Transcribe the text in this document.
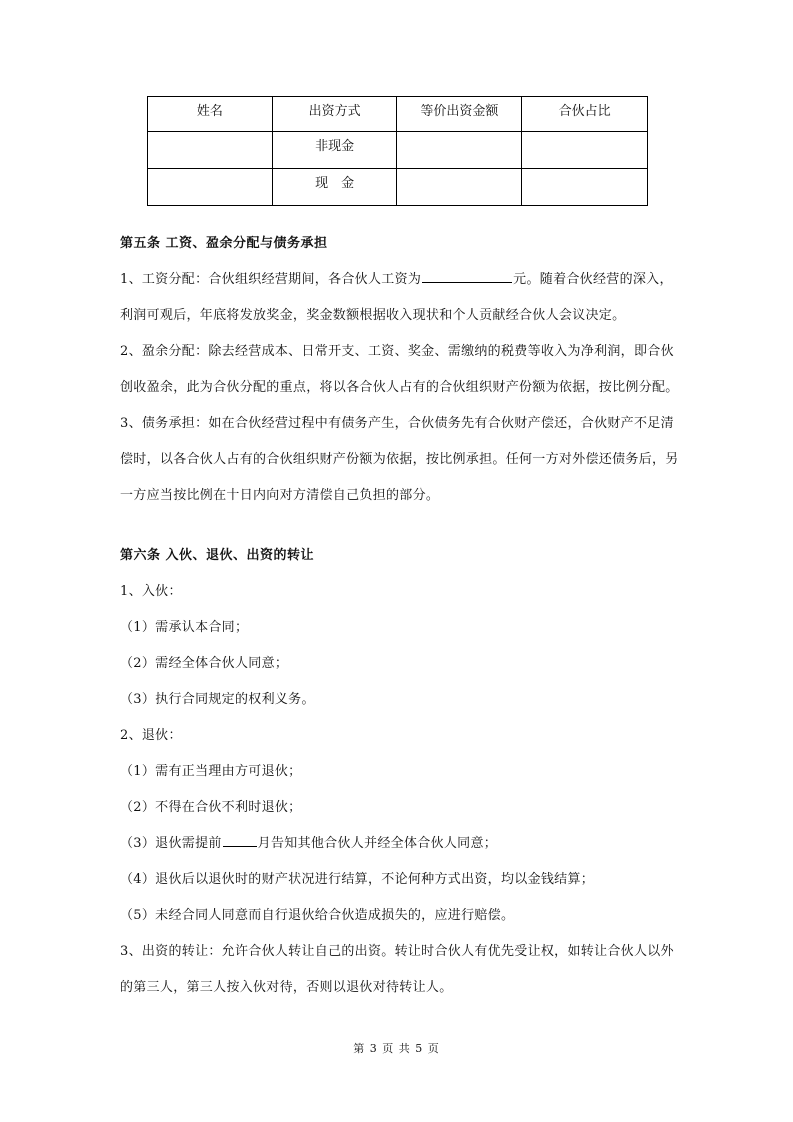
姓名	出资方式	等价出资金额	合伙占比
	非现金		
	现　金		
第五条 工资、盈余分配与债务承担
1、工资分配：合伙组织经营期间，各合伙人工资为	元。随着合伙经营的深入，
利润可观后，年底将发放奖金，奖金数额根据收入现状和个人贡献经合伙人会议决定。
2、盈余分配：除去经营成本、日常开支、工资、奖金、需缴纳的税费等收入为净利润，即合伙
创收盈余，此为合伙分配的重点，将以各合伙人占有的合伙组织财产份额为依据，按比例分配。
3、债务承担：如在合伙经营过程中有债务产生，合伙债务先有合伙财产偿还，合伙财产不足清
偿时，以各合伙人占有的合伙组织财产份额为依据，按比例承担。任何一方对外偿还债务后，另
一方应当按比例在十日内向对方清偿自己负担的部分。
第六条 入伙、退伙、出资的转让
1、入伙：
（1）需承认本合同；
（2）需经全体合伙人同意；
（3）执行合同规定的权利义务。
2、退伙：
（1）需有正当理由方可退伙；
（2）不得在合伙不利时退伙；
（3）退伙需提前	月告知其他合伙人并经全体合伙人同意；
（4）退伙后以退伙时的财产状况进行结算，不论何种方式出资，均以金钱结算；
（5）未经合同人同意而自行退伙给合伙造成损失的，应进行赔偿。
3、出资的转让：允许合伙人转让自己的出资。转让时合伙人有优先受让权，如转让合伙人以外
的第三人，第三人按入伙对待，否则以退伙对待转让人。
第 3 页 共 5 页
